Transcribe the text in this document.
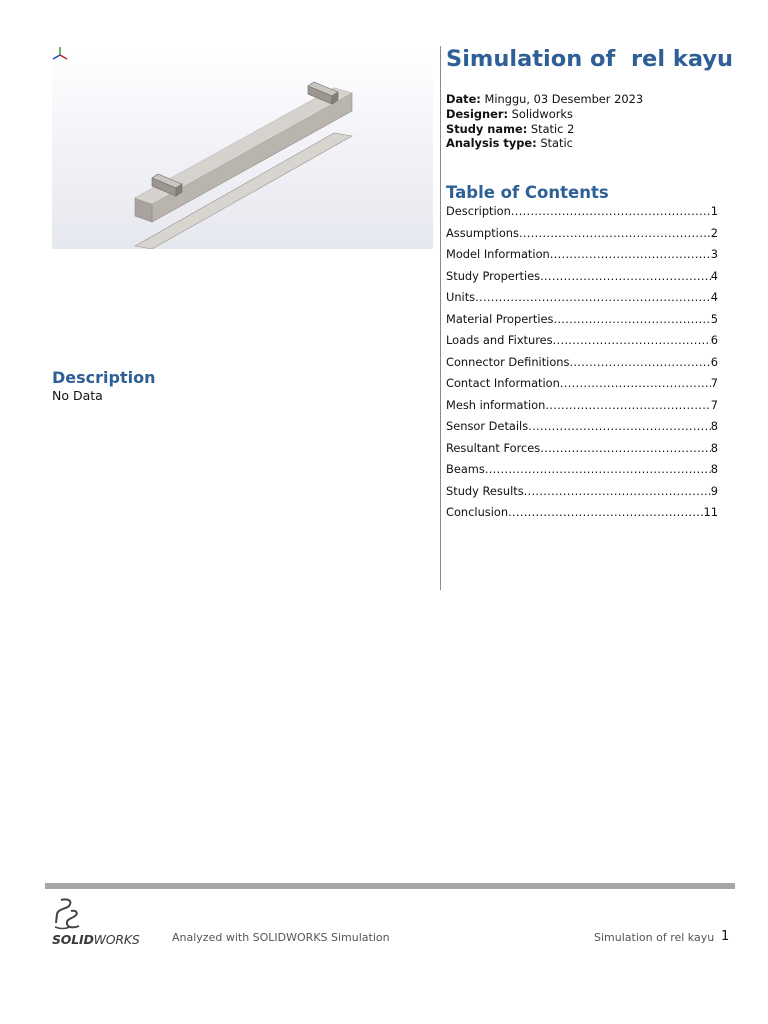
Simulation of  rel kayu
Date: Minggu, 03 Desember 2023
Designer: Solidworks
Study name: Static 2
Analysis type: Static
Table of Contents
Description .....	1
Assumptions .....	2
Model Information .....	3
Study Properties .....	4
Units .....	4
Material Properties .....	5
Loads and Fixtures .....	6
Connector Definitions .....	6
Contact Information .....	7
Mesh information .....	7
Sensor Details .....	8
Resultant Forces .....	8
Beams .....	8
Study Results .....	9
Conclusion .....	11
Description
No Data
SOLIDWORKS	Analyzed with SOLIDWORKS Simulation	Simulation of rel kayu 1
